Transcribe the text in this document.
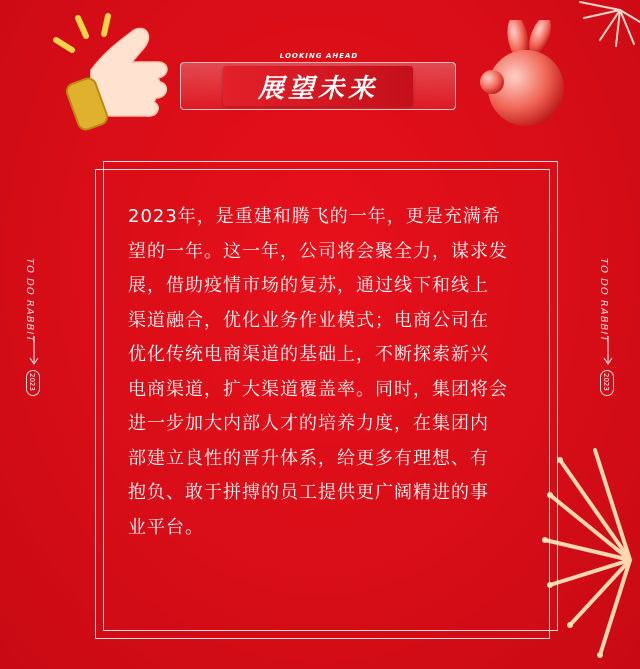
LOOKING AHEAD
展望未来
2023年，是重建和腾飞的一年，更是充满希
望的一年。这一年，公司将会聚全力，谋求发
展，借助疫情市场的复苏，通过线下和线上
渠道融合，优化业务作业模式；电商公司在
优化传统电商渠道的基础上，不断探索新兴
电商渠道，扩大渠道覆盖率。同时，集团将会
进一步加大内部人才的培养力度，在集团内
部建立良性的晋升体系，给更多有理想、有
抱负、敢于拼搏的员工提供更广阔精进的事
业平台。
TO DO RABBIT
2023
TO DO RABBIT
2023
